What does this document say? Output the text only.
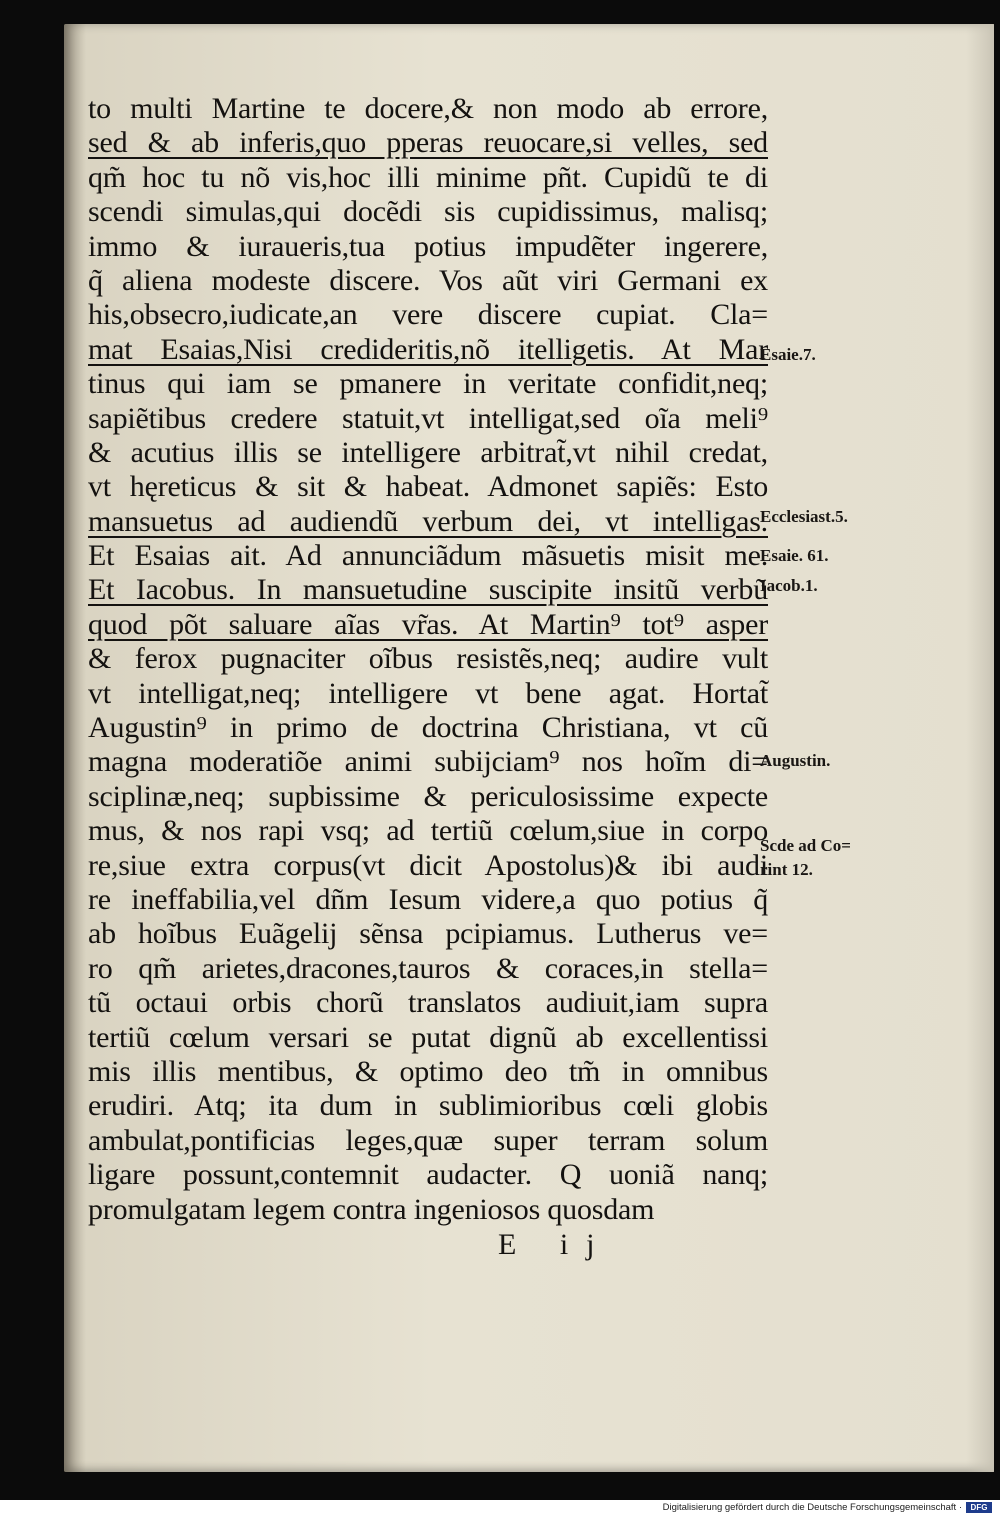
to multi Martine te docere,& non modo ab errore,
sed & ab inferis,quo pperas reuocare,si velles, sed
qm̃ hoc tu nõ vis,hoc illi minime pñt. Cupidũ te di
scendi simulas,qui docẽdi sis cupidissimus, malisq;
immo & iuraueris,tua potius impudẽter ingerere,
q̃ aliena modeste discere. Vos aũt viri Germani ex
his,obsecro,iudicate,an vere discere cupiat. Cla=
mat Esaias,Nisi credideritis,nõ itelligetis. At Mar
tinus qui iam se pmanere in veritate confidit,neq;
sapiẽtibus credere statuit,vt intelligat,sed oĩa meli⁹
& acutius illis se intelligere arbitrat̃,vt nihil credat,
vt hęreticus & sit & habeat. Admonet sapiẽs: Esto
mansuetus ad audiendũ verbum dei, vt intelligas.
Et Esaias ait. Ad annunciãdum mãsuetis misit me.
Et Iacobus. In mansuetudine suscipite insitũ verbũ
quod põt saluare aĩas vr̃as. At Martin⁹ tot⁹ asper
& ferox pugnaciter oĩbus resistẽs,neq; audire vult
vt intelligat,neq; intelligere vt bene agat. Hortat̃
Augustin⁹ in primo de doctrina Christiana, vt cũ
magna moderatiõe animi subijciam⁹ nos hoĩm di=
sciplinæ,neq; supbissime & periculosissime expecte
mus, & nos rapi vsq; ad tertiũ cœlum,siue in corpo
re,siue extra corpus(vt dicit Apostolus)& ibi audi
re ineffabilia,vel dñm Iesum videre,a quo potius q̃
ab hoĩbus Euãgelij sẽnsa pcipiamus. Lutherus ve=
ro qm̃ arietes,dracones,tauros & coraces,in stella=
tũ octaui orbis chorũ translatos audiuit,iam supra
tertiũ cœlum versari se putat dignũ ab excellentissi
mis illis mentibus, & optimo deo tm̃ in omnibus
erudiri. Atq; ita dum in sublimioribus cœli globis
ambulat,pontificias leges,quæ super terram solum
ligare possunt,contemnit audacter. Q uoniã nanq;
promulgatam legem contra ingeniosos quosdam
Esaie.7.
Ecclesiast.5.
Esaie. 61.
Iacob.1.
Augustin.
Scde ad Co=
rint 12.
E ij
Digitalisierung gefördert durch die Deutsche Forschungsgemeinschaft ·	DFG
